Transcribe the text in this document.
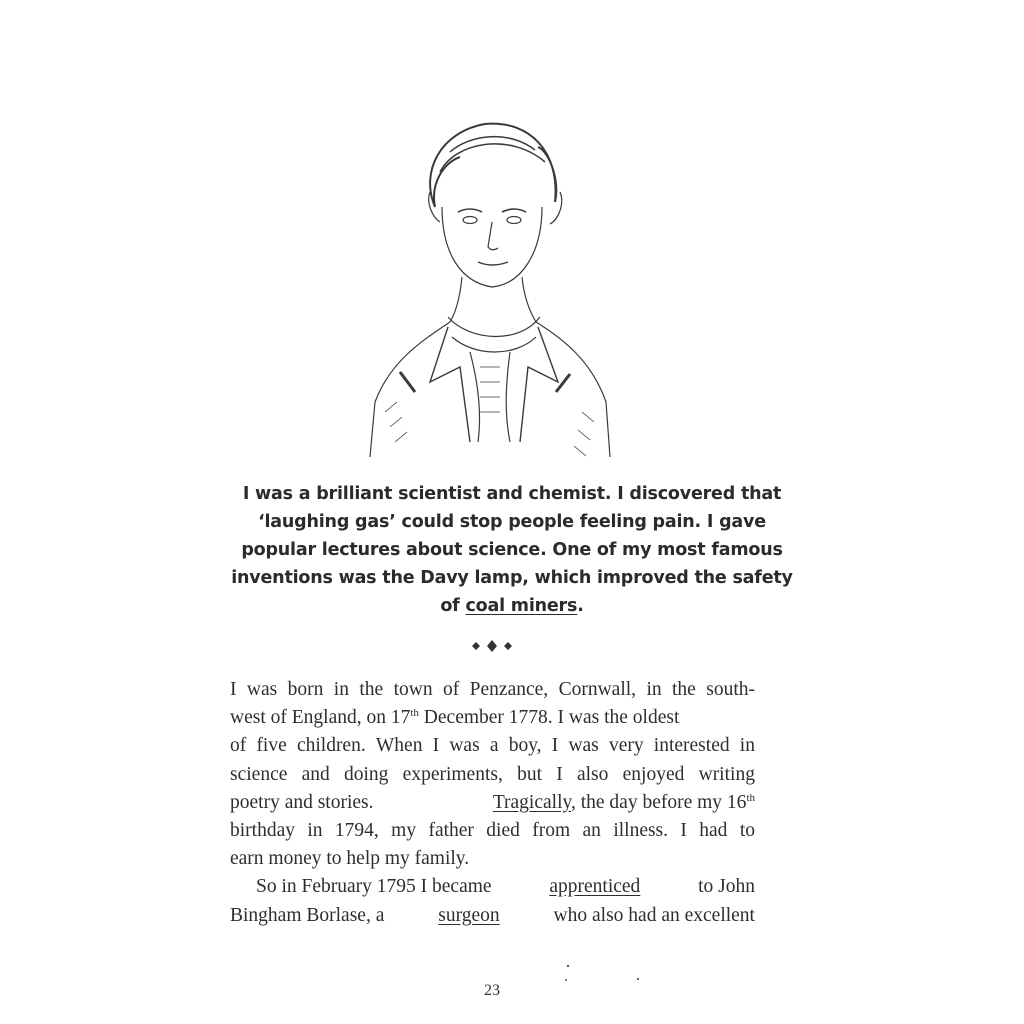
I was a brilliant scientist and chemist. I discovered that
‘laughing gas’ could stop people feeling pain. I gave
popular lectures about science. One of my most famous
inventions was the Davy lamp, which improved the safety
of coal miners.
I was born in the town of Penzance, Cornwall, in the south-
west of England, on 17th December 1778. I was the oldest
of five children. When I was a boy, I was very interested in
science and doing experiments, but I also enjoyed writing
poetry and stories.	Tragically, the day before my 16th
birthday in 1794, my father died from an illness. I had to
earn money to help my family.
So in February 1795 I became	apprenticed	to John
Bingham Borlase, a	surgeon	who also had an excellent
23
